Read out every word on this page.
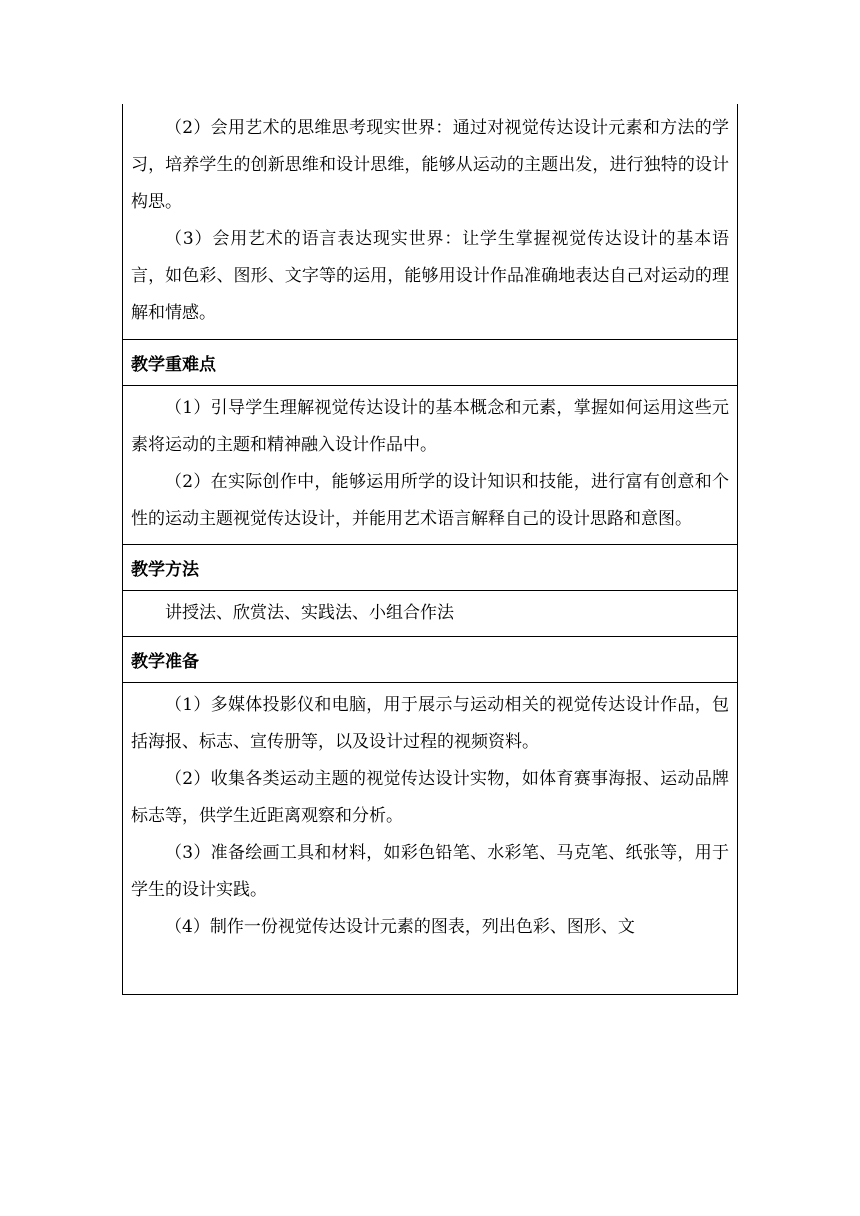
（2）会用艺术的思维思考现实世界：通过对视觉传达设计元素和方法的学习，培养学生的创新思维和设计思维，能够从运动的主题出发，进行独特的设计构思。

（3）会用艺术的语言表达现实世界：让学生掌握视觉传达设计的基本语言，如色彩、图形、文字等的运用，能够用设计作品准确地表达自己对运动的理解和情感。

教学重难点

（1）引导学生理解视觉传达设计的基本概念和元素，掌握如何运用这些元素将运动的主题和精神融入设计作品中。

（2）在实际创作中，能够运用所学的设计知识和技能，进行富有创意和个性的运动主题视觉传达设计，并能用艺术语言解释自己的设计思路和意图。

教学方法

讲授法、欣赏法、实践法、小组合作法

教学准备

（1）多媒体投影仪和电脑，用于展示与运动相关的视觉传达设计作品，包括海报、标志、宣传册等，以及设计过程的视频资料。

（2）收集各类运动主题的视觉传达设计实物，如体育赛事海报、运动品牌标志等，供学生近距离观察和分析。

（3）准备绘画工具和材料，如彩色铅笔、水彩笔、马克笔、纸张等，用于学生的设计实践。

（4）制作一份视觉传达设计元素的图表，列出色彩、图形、文
